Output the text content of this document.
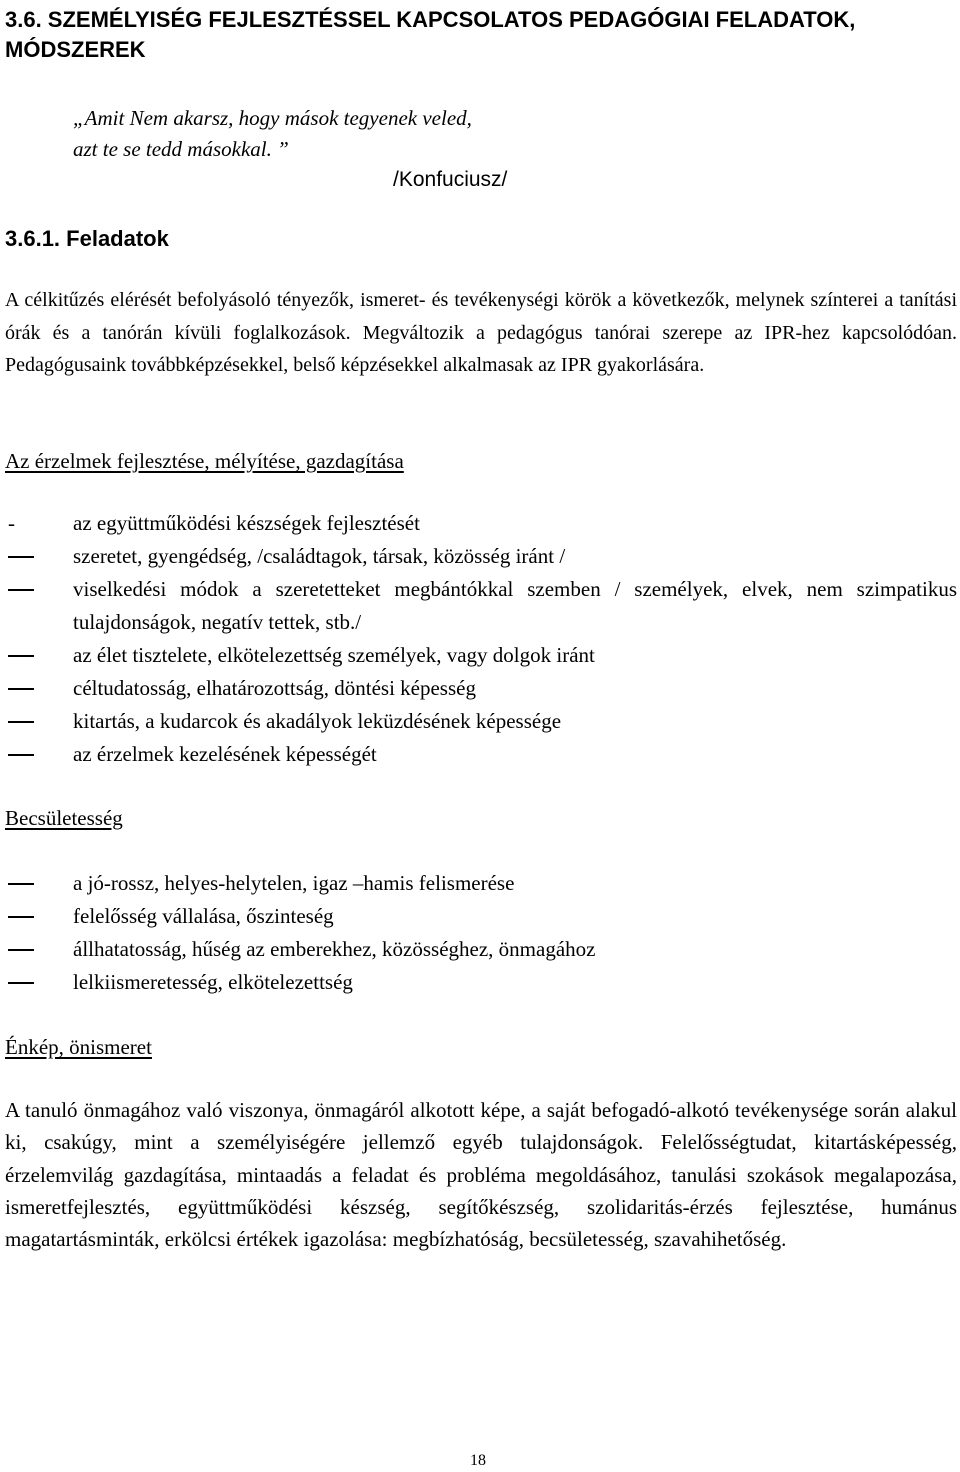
3.6. SZEMÉLYISÉG FEJLESZTÉSSEL KAPCSOLATOS PEDAGÓGIAI FELADATOK, MÓDSZEREK
„Amit Nem akarsz, hogy mások tegyenek veled,
azt te se tedd másokkal. ”
/Konfuciusz/
3.6.1. Feladatok

A célkitűzés elérését befolyásoló tényezők, ismeret- és tevékenységi körök a következők, melynek színterei a tanítási órák és a tanórán kívüli foglalkozások. Megváltozik a pedagógus tanórai szerepe az IPR-hez kapcsolódóan. Pedagógusaink továbbképzésekkel, belső képzésekkel alkalmasak az IPR gyakorlására.

Az érzelmek fejlesztése, mélyítése, gazdagítása
-	az együttműködési készségek fejlesztését
szeretet, gyengédség, /családtagok, társak, közösség iránt /
viselkedési módok a szeretetteket megbántókkal szemben / személyek, elvek, nem szimpatikus tulajdonságok, negatív tettek, stb./
az élet tisztelete, elkötelezettség személyek, vagy dolgok iránt
céltudatosság, elhatározottság, döntési képesség
kitartás, a kudarcok és akadályok leküzdésének képessége
az érzelmek kezelésének képességét
Becsületesség
a jó-rossz, helyes-helytelen, igaz –hamis felismerése
felelősség vállalása, őszinteség
állhatatosság, hűség az emberekhez, közösséghez, önmagához
lelkiismeretesség, elkötelezettség
Énkép, önismeret

A tanuló önmagához való viszonya, önmagáról alkotott képe, a saját befogadó-alkotó tevékenysége során alakul ki, csakúgy, mint a személyiségére jellemző egyéb tulajdonságok. Felelősségtudat, kitartásképesség, érzelemvilág gazdagítása, mintaadás a feladat és probléma megoldásához, tanulási szokások megalapozása, ismeretfejlesztés, együttműködési készség, segítőkészség, szolidaritás-érzés fejlesztése, humánus magatartásminták, erkölcsi értékek igazolása: megbízhatóság, becsületesség, szavahihetőség.

18
